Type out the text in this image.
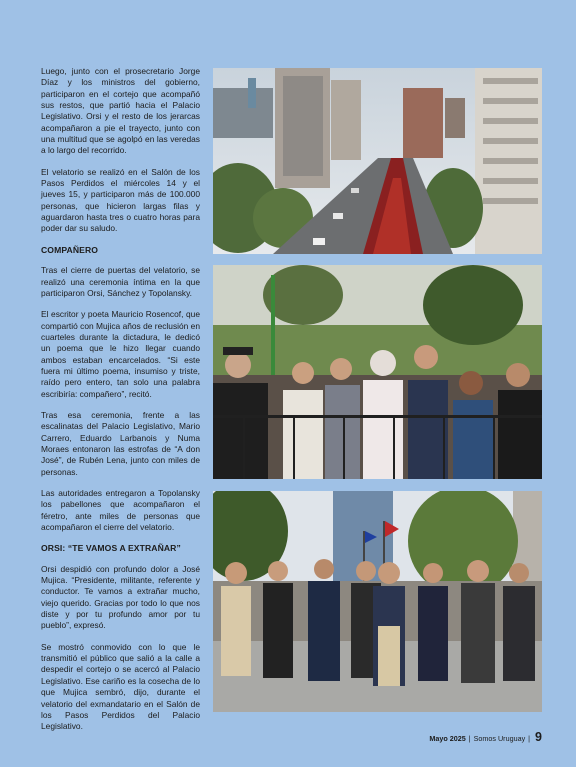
Luego, junto con el prosecretario Jorge Díaz y los ministros del gobierno, participaron en el cortejo que acompañó sus restos, que partió hacia el Palacio Legislativo. Orsi y el resto de los jerarcas acompañaron a pie el trayecto, junto con una multitud que se agolpó en las veredas a lo largo del recorrido.

El velatorio se realizó en el Salón de los Pasos Perdidos el miércoles 14 y el jueves 15, y participaron más de 100.000 personas, que hicieron largas filas y aguardaron hasta tres o cuatro horas para poder dar su saludo.

COMPAÑERO

Tras el cierre de puertas del velatorio, se realizó una ceremonia íntima en la que participaron Orsi, Sánchez y Topolansky.

El escritor y poeta Mauricio Rosencof, que compartió con Mujica años de reclusión en cuarteles durante la dictadura, le dedicó un poema que le hizo llegar cuando ambos estaban encarcelados. “Si este fuera mi último poema, insumiso y triste, raído pero entero, tan solo una palabra escribiría: compañero”, recitó.

Tras esa ceremonia, frente a las escalinatas del Palacio Legislativo, Mario Carrero, Eduardo Larbanois y Numa Moraes entonaron las estrofas de “A don José”, de Rubén Lena, junto con miles de personas.

Las autoridades entregaron a Topolansky los pabellones que acompañaron el féretro, ante miles de personas que acompañaron el cierre del velatorio.

ORSI: “TE VAMOS A EXTRAÑAR”

Orsi despidió con profundo dolor a José Mujica. “Presidente, militante, referente y conductor. Te vamos a extrañar mucho, viejo querido. Gracias por todo lo que nos diste y por tu profundo amor por tu pueblo”, expresó.

Se mostró conmovido con lo que le transmitió el público que salió a la calle a despedir el cortejo o se acercó al Palacio Legislativo. Ese cariño es la cosecha de lo que Mujica sembró, dijo, durante el velatorio del exmandatario en el Salón de los Pasos Perdidos del Palacio Legislativo.

Mayo 2025 | Somos Uruguay | 9
